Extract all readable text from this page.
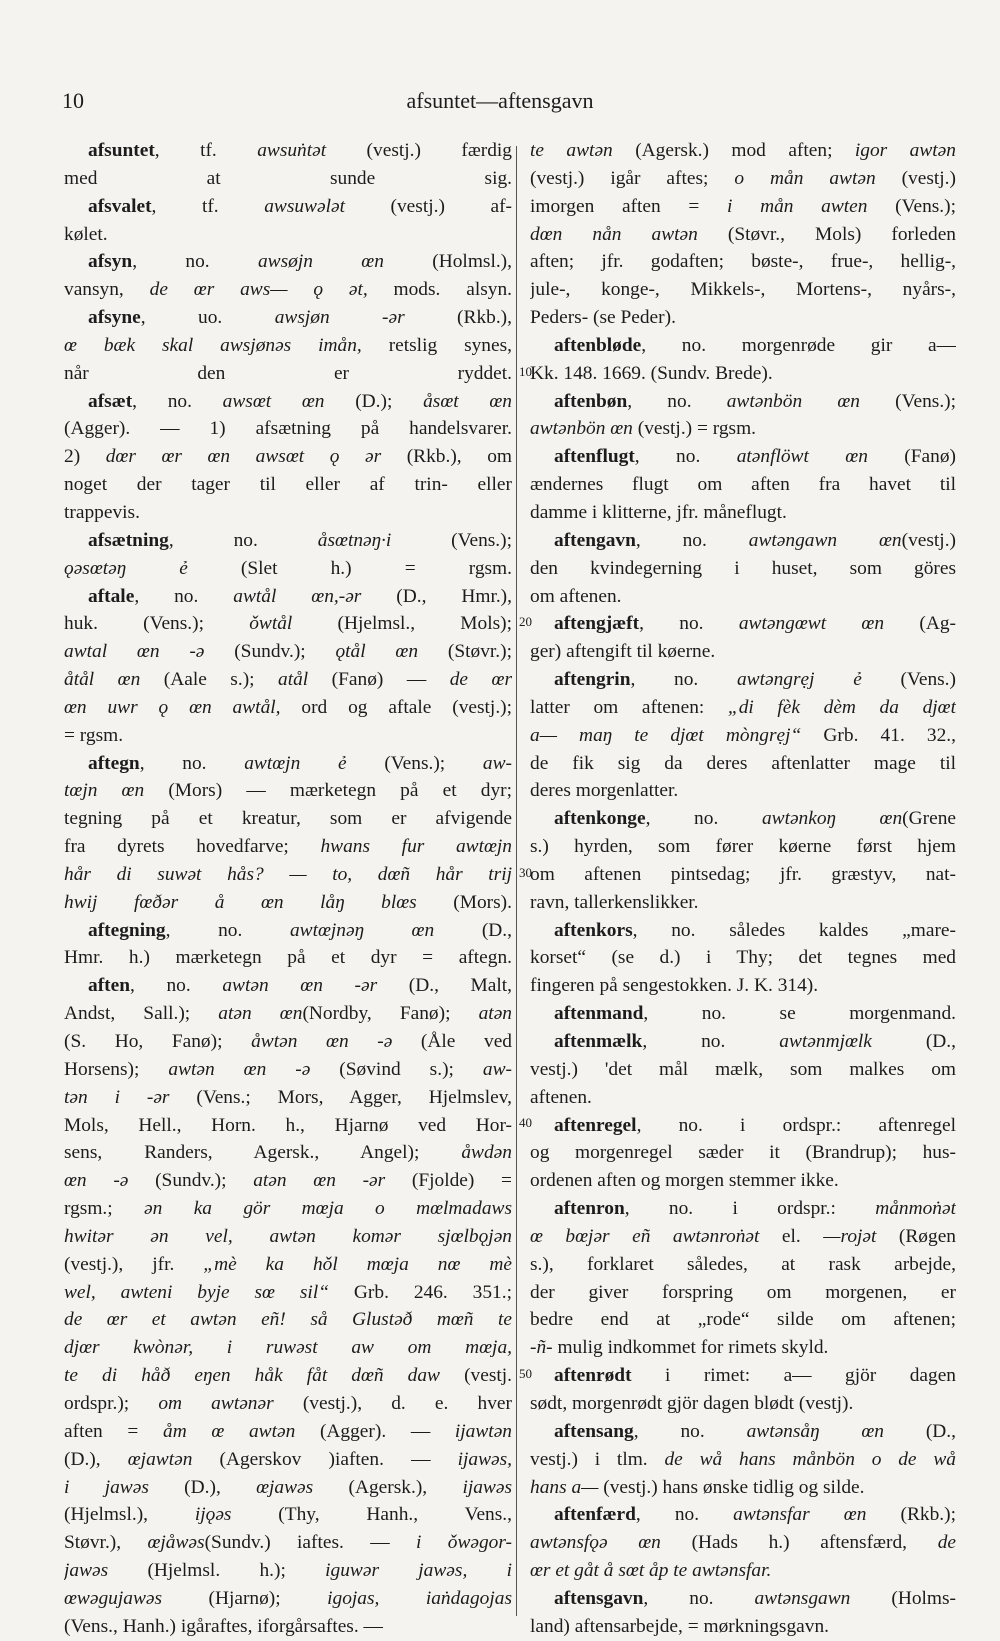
10	afsuntet—aftensgavn
afsuntet, tf. awsuṅtət (vestj.) færdig
med at sunde sig.
afsvalet, tf. awsuwəlǝt (vestj.) af-
kølet.
afsyn, no. awsøjn œn (Holmsl.),
vansyn, de œr aws— ǫ ət, mods. alsyn.
afsyne, uo. awsjøn -ər (Rkb.),
œ bæk skal awsjønəs imån, retslig synes,
når den er ryddet.
afsæt, no. awsœt œn (D.); åsœt œn
(Agger). — 1) afsætning på handelsvarer.
2) dœr œr œn awsœt ǫ ər (Rkb.), om
noget der tager til eller af trin- eller
trappevis.
afsætning, no. åsœtnəŋ·i (Vens.);
ǫəsœtəŋ ẻ (Slet h.) = rgsm.
aftale, no. awtål œn,-ər (D., Hmr.),
huk. (Vens.); ǒwtål (Hjelmsl., Mols);
awtal œn -ə (Sundv.); ǫtål œn (Støvr.);
åtål œn (Aale s.); atål (Fanø) — de œr
œn uwr ǫ œn awtål, ord og aftale (vestj.);
= rgsm.
aftegn, no. awtœjn ẻ (Vens.); aw-
tœjn œn (Mors) — mærketegn på et dyr;
tegning på et kreatur, som er afvigende
fra dyrets hovedfarve; hwans fur awtœjn
hår di suwət hås? — to, dœñ hår trij
hwij fœðər å œn låŋ blœs (Mors).
aftegning, no. awtœjnəŋ œn (D.,
Hmr. h.) mærketegn på et dyr = aftegn.
aften, no. awtən œn -ər (D., Malt,
Andst, Sall.); atən œn(Nordby, Fanø); atən
(S. Ho, Fanø); åwtən œn -ə (Åle ved
Horsens); awtən œn -ə (Søvind s.); aw-
tən i -ər (Vens.; Mors, Agger, Hjelmslev,
Mols, Hell., Horn. h., Hjarnø ved Hor-
sens, Randers, Agersk., Angel); åwdən
œn -ə (Sundv.); atən œn -ər (Fjolde) =
rgsm.; ən ka gör mœja o mœlmadaws
hwitər ən vel, awtən komər sjœlbǫjən
(vestj.), jfr. „mè ka hǒl mœja nœ mè
wel, awteni byje sœ sil“ Grb. 246. 351.;
de œr et awtən eñ! så Glustəð mœñ te
djœr kwònər, i ruwəst aw om mœja,
te di håð eŋen håk fåt dœñ daw (vestj.
ordspr.); om awtənər (vestj.), d. e. hver
aften = åm œ awtən (Agger). — ijawtən
(D.), œjawtən (Agerskov )iaften. — ijawəs,
i jawəs (D.), œjawəs (Agersk.), ijawəs
(Hjelmsl.), ijǫəs (Thy, Hanh., Vens.,
Støvr.), œjåwəs(Sundv.) iaftes. — i ǒwəgor-
jawəs (Hjelmsl. h.); iguwər jawəs, i
œwəgujawəs (Hjarnø); igojas, iaṅdagojas
(Vens., Hanh.) igåraftes, iforgårsaftes. —
te awtən (Agersk.) mod aften; igor awtən
(vestj.) igår aftes; o mån awtən (vestj.)
imorgen aften = i mån awten (Vens.);
dœn nån awtən (Støvr., Mols) forleden
aften; jfr. godaften; bøste-, frue-, hellig-,
jule-, konge-, Mikkels-, Mortens-, nyårs-,
Peders- (se Peder).
aftenbløde, no. morgenrøde gir a—
Kk. 148. 1669. (Sundv. Brede).
aftenbøn, no. awtənbön œn (Vens.);
awtənbön œn (vestj.) = rgsm.
aftenflugt, no. atənflöwt œn (Fanø)
ændernes flugt om aften fra havet til
damme i klitterne, jfr. måneflugt.
aftengavn, no. awtəngawn œn(vestj.)
den kvindegerning i huset, som göres
om aftenen.
aftengjæft, no. awtəngœwt œn (Ag-
ger) aftengift til køerne.
aftengrin, no. awtəngrẹj ẻ (Vens.)
latter om aftenen: „di fèk dèm da djœt
a— maŋ te djœt mòngrẹj“ Grb. 41. 32.,
de fik sig da deres aftenlatter mage til
deres morgenlatter.
aftenkonge, no. awtənkoŋ œn(Grene
s.) hyrden, som fører køerne først hjem
om aftenen pintsedag; jfr. græstyv, nat-
ravn, tallerkenslikker.
aftenkors, no. således kaldes „mare-
korset“ (se d.) i Thy; det tegnes med
fingeren på sengestokken. J. K. 314).
aftenmand, no. se morgenmand.
aftenmælk, no. awtənmjœlk (D.,
vestj.) 'det mål mælk, som malkes om
aftenen.
aftenregel, no. i ordspr.: aftenregel
og morgenregel sæder it (Brandrup); hus-
ordenen aften og morgen stemmer ikke.
aftenron, no. i ordspr.: månmoṅət
œ bœjər eñ awtənroṅət el. —rojət (Røgen
s.), forklaret således, at rask arbejde,
der giver forspring om morgenen, er
bedre end at „rode“ silde om aftenen;
-ñ- mulig indkommet for rimets skyld.
aftenrødt i rimet: a— gjör dagen
sødt, morgenrødt gjör dagen blødt (vestj).
aftensang, no. awtənsåŋ œn (D.,
vestj.) i tlm. de wå hans månbön o de wå
hans a— (vestj.) hans ønske tidlig og silde.
aftenfærd, no. awtənsfar œn (Rkb.);
awtənsfǫə œn (Hads h.) aftensfærd, de
œr et gåt å sœt åp te awtənsfar.
aftensgavn, no. awtənsgawn (Holms-
land) aftensarbejde, = mørkningsgavn.
10
20
30
40
50
